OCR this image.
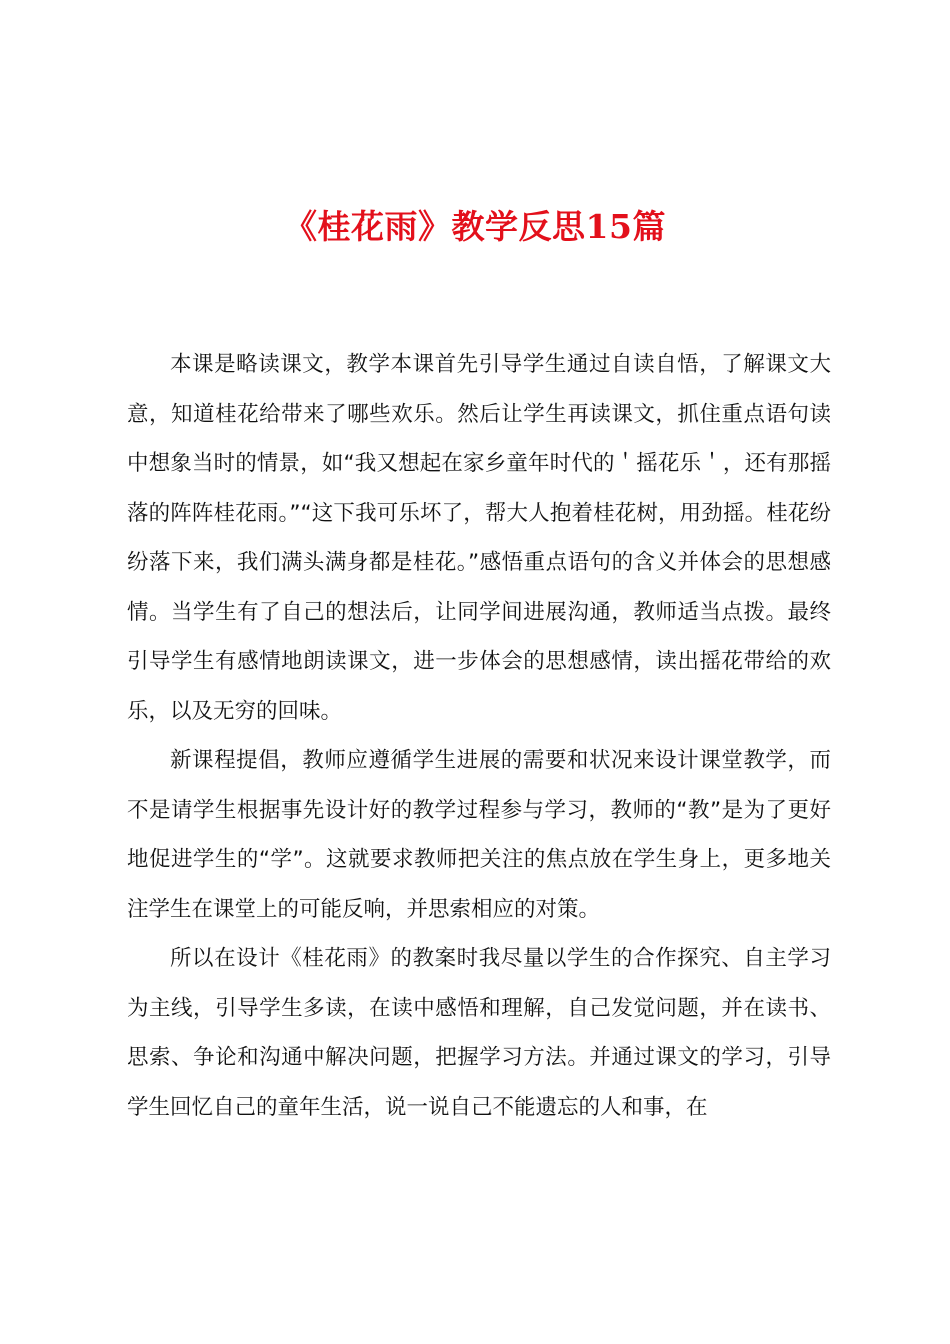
《桂花雨》教学反思15篇

本课是略读课文，教学本课首先引导学生通过自读自悟，了解课文大意，知道桂花给带来了哪些欢乐。然后让学生再读课文，抓住重点语句读中想象当时的情景，如“我又想起在家乡童年时代的＇摇花乐＇，还有那摇落的阵阵桂花雨。”“这下我可乐坏了，帮大人抱着桂花树，用劲摇。桂花纷纷落下来，我们满头满身都是桂花。”感悟重点语句的含义并体会的思想感情。当学生有了自己的想法后，让同学间进展沟通，教师适当点拨。最终引导学生有感情地朗读课文，进一步体会的思想感情，读出摇花带给的欢乐，以及无穷的回味。

新课程提倡，教师应遵循学生进展的需要和状况来设计课堂教学，而不是请学生根据事先设计好的教学过程参与学习，教师的“教”是为了更好地促进学生的“学”。这就要求教师把关注的焦点放在学生身上，更多地关注学生在课堂上的可能反响，并思索相应的对策。

所以在设计《桂花雨》的教案时我尽量以学生的合作探究、自主学习为主线，引导学生多读，在读中感悟和理解，自己发觉问题，并在读书、思索、争论和沟通中解决问题，把握学习方法。并通过课文的学习，引导学生回忆自己的童年生活，说一说自己不能遗忘的人和事，在
